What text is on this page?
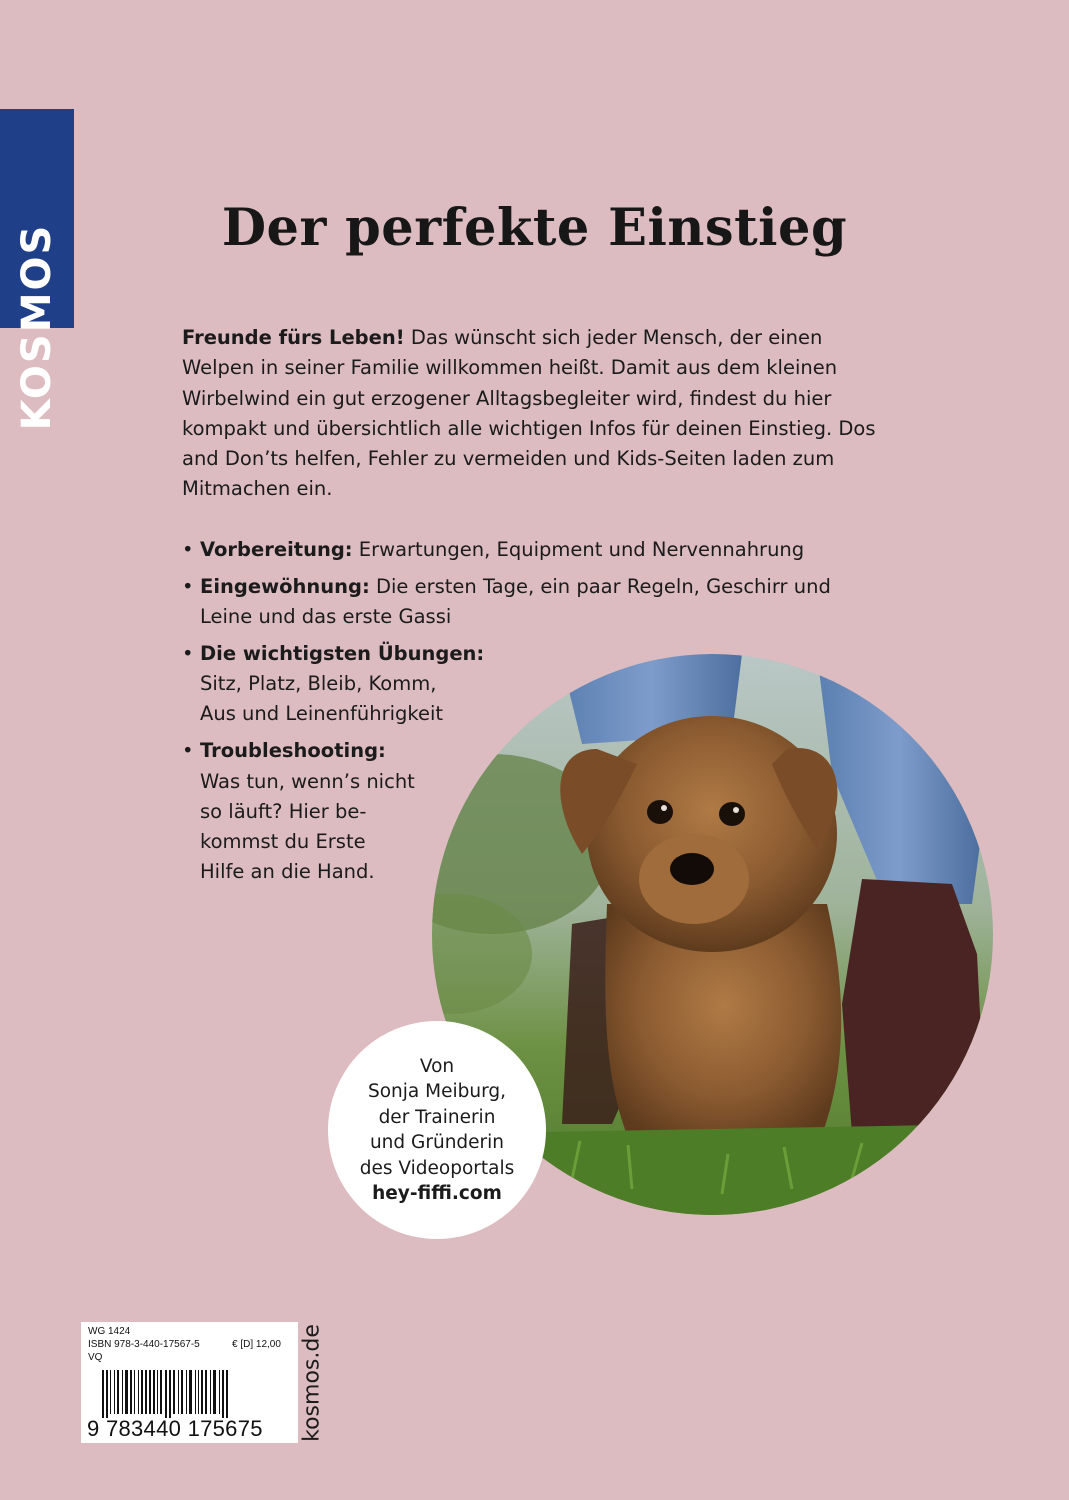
KOSMOS	Der perfekte Einstieg

Freunde fürs Leben! Das wünscht sich jeder Mensch, der einen Welpen in seiner Familie willkommen heißt. Damit aus dem kleinen Wirbelwind ein gut erzogener Alltagsbegleiter wird, findest du hier kompakt und übersichtlich alle wichtigen Infos für deinen Einstieg. Dos and Don’ts helfen, Fehler zu vermeiden und Kids-Seiten laden zum Mitmachen ein.

• Vorbereitung: Erwartungen, Equipment und Nervennahrung
• Eingewöhnung: Die ersten Tage, ein paar Regeln, Geschirr und Leine und das erste Gassi
• Die wichtigsten Übungen:
Sitz, Platz, Bleib, Komm,
Aus und Leinenführigkeit
• Troubleshooting:
Was tun, wenn’s nicht
so läuft? Hier be-
kommst du Erste
Hilfe an die Hand.

Von
Sonja Meiburg,
der Trainerin
und Gründerin
des Videoportals
hey-fiffi.com

WG 1424
ISBN 978-3-440-17567-5	€ [D] 12,00
VQ
9 783440 175675 kosmos.de
